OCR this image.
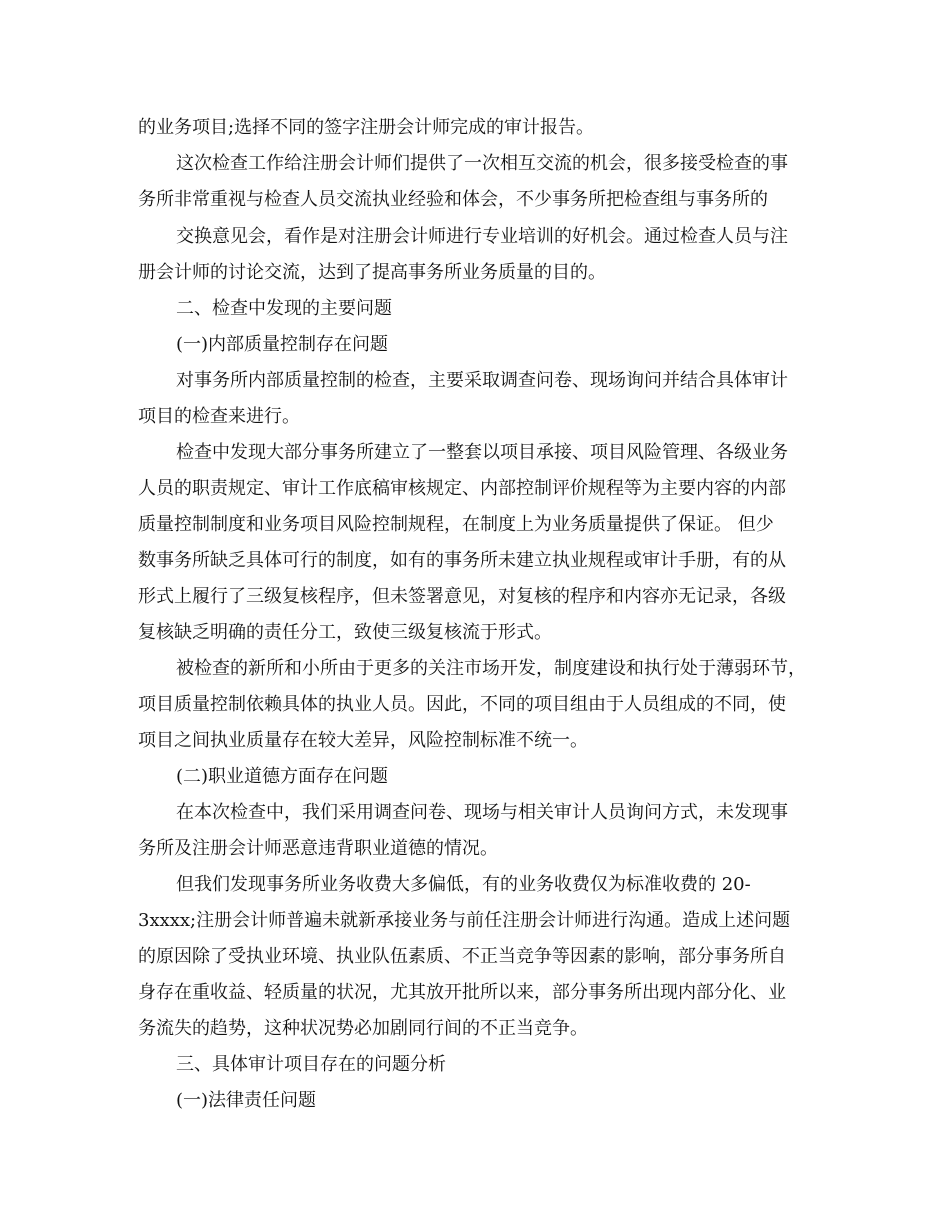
的业务项目;选择不同的签字注册会计师完成的审计报告。
这次检查工作给注册会计师们提供了一次相互交流的机会，很多接受检查的事
务所非常重视与检查人员交流执业经验和体会，不少事务所把检查组与事务所的
交换意见会，看作是对注册会计师进行专业培训的好机会。通过检查人员与注
册会计师的讨论交流，达到了提高事务所业务质量的目的。
二、检查中发现的主要问题
(一)内部质量控制存在问题
对事务所内部质量控制的检查，主要采取调查问卷、现场询问并结合具体审计
项目的检查来进行。
检查中发现大部分事务所建立了一整套以项目承接、项目风险管理、各级业务
人员的职责规定、审计工作底稿审核规定、内部控制评价规程等为主要内容的内部
质量控制制度和业务项目风险控制规程，在制度上为业务质量提供了保证。 但少
数事务所缺乏具体可行的制度，如有的事务所未建立执业规程或审计手册，有的从
形式上履行了三级复核程序，但未签署意见，对复核的程序和内容亦无记录，各级
复核缺乏明确的责任分工，致使三级复核流于形式。
被检查的新所和小所由于更多的关注市场开发，制度建设和执行处于薄弱环节，
项目质量控制依赖具体的执业人员。因此，不同的项目组由于人员组成的不同，使
项目之间执业质量存在较大差异，风险控制标准不统一。
(二)职业道德方面存在问题
在本次检查中，我们采用调查问卷、现场与相关审计人员询问方式，未发现事
务所及注册会计师恶意违背职业道德的情况。
但我们发现事务所业务收费大多偏低，有的业务收费仅为标准收费的 20-
3xxxx;注册会计师普遍未就新承接业务与前任注册会计师进行沟通。造成上述问题
的原因除了受执业环境、执业队伍素质、不正当竞争等因素的影响，部分事务所自
身存在重收益、轻质量的状况，尤其放开批所以来，部分事务所出现内部分化、业
务流失的趋势，这种状况势必加剧同行间的不正当竞争。
三、具体审计项目存在的问题分析
(一)法律责任问题
